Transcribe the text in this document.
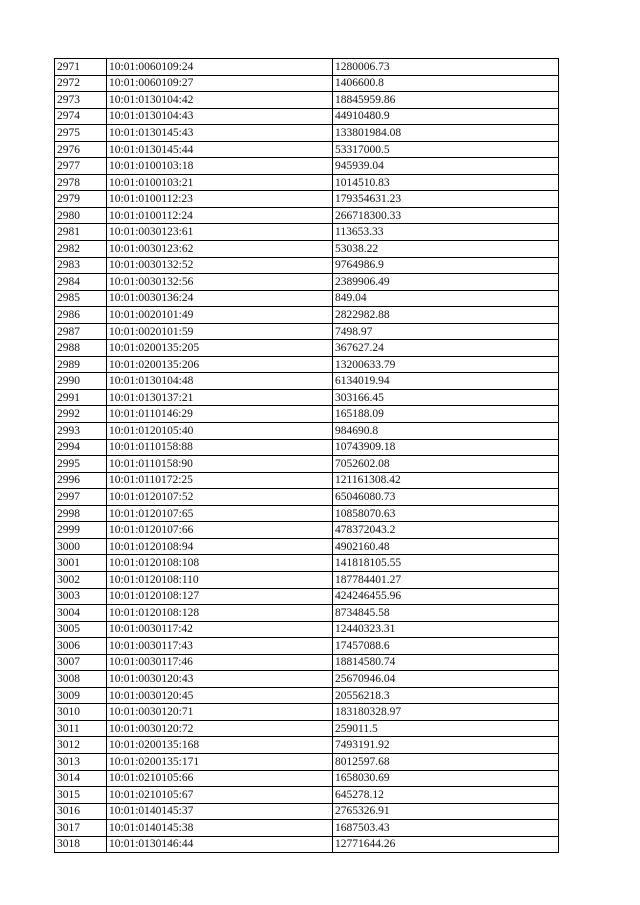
2971	10:01:0060109:24	1280006.73
2972	10:01:0060109:27	1406600.8
2973	10:01:0130104:42	18845959.86
2974	10:01:0130104:43	44910480.9
2975	10:01:0130145:43	133801984.08
2976	10:01:0130145:44	53317000.5
2977	10:01:0100103:18	945939.04
2978	10:01:0100103:21	1014510.83
2979	10:01:0100112:23	179354631.23
2980	10:01:0100112:24	266718300.33
2981	10:01:0030123:61	113653.33
2982	10:01:0030123:62	53038.22
2983	10:01:0030132:52	9764986.9
2984	10:01:0030132:56	2389906.49
2985	10:01:0030136:24	849.04
2986	10:01:0020101:49	2822982.88
2987	10:01:0020101:59	7498.97
2988	10:01:0200135:205	367627.24
2989	10:01:0200135:206	13200633.79
2990	10:01:0130104:48	6134019.94
2991	10:01:0130137:21	303166.45
2992	10:01:0110146:29	165188.09
2993	10:01:0120105:40	984690.8
2994	10:01:0110158:88	10743909.18
2995	10:01:0110158:90	7052602.08
2996	10:01:0110172:25	121161308.42
2997	10:01:0120107:52	65046080.73
2998	10:01:0120107:65	10858070.63
2999	10:01:0120107:66	478372043.2
3000	10:01:0120108:94	4902160.48
3001	10:01:0120108:108	141818105.55
3002	10:01:0120108:110	187784401.27
3003	10:01:0120108:127	424246455.96
3004	10:01:0120108:128	8734845.58
3005	10:01:0030117:42	12440323.31
3006	10:01:0030117:43	17457088.6
3007	10:01:0030117:46	18814580.74
3008	10:01:0030120:43	25670946.04
3009	10:01:0030120:45	20556218.3
3010	10:01:0030120:71	183180328.97
3011	10:01:0030120:72	259011.5
3012	10:01:0200135:168	7493191.92
3013	10:01:0200135:171	8012597.68
3014	10:01:0210105:66	1658030.69
3015	10:01:0210105:67	645278.12
3016	10:01:0140145:37	2765326.91
3017	10:01:0140145:38	1687503.43
3018	10:01:0130146:44	12771644.26
